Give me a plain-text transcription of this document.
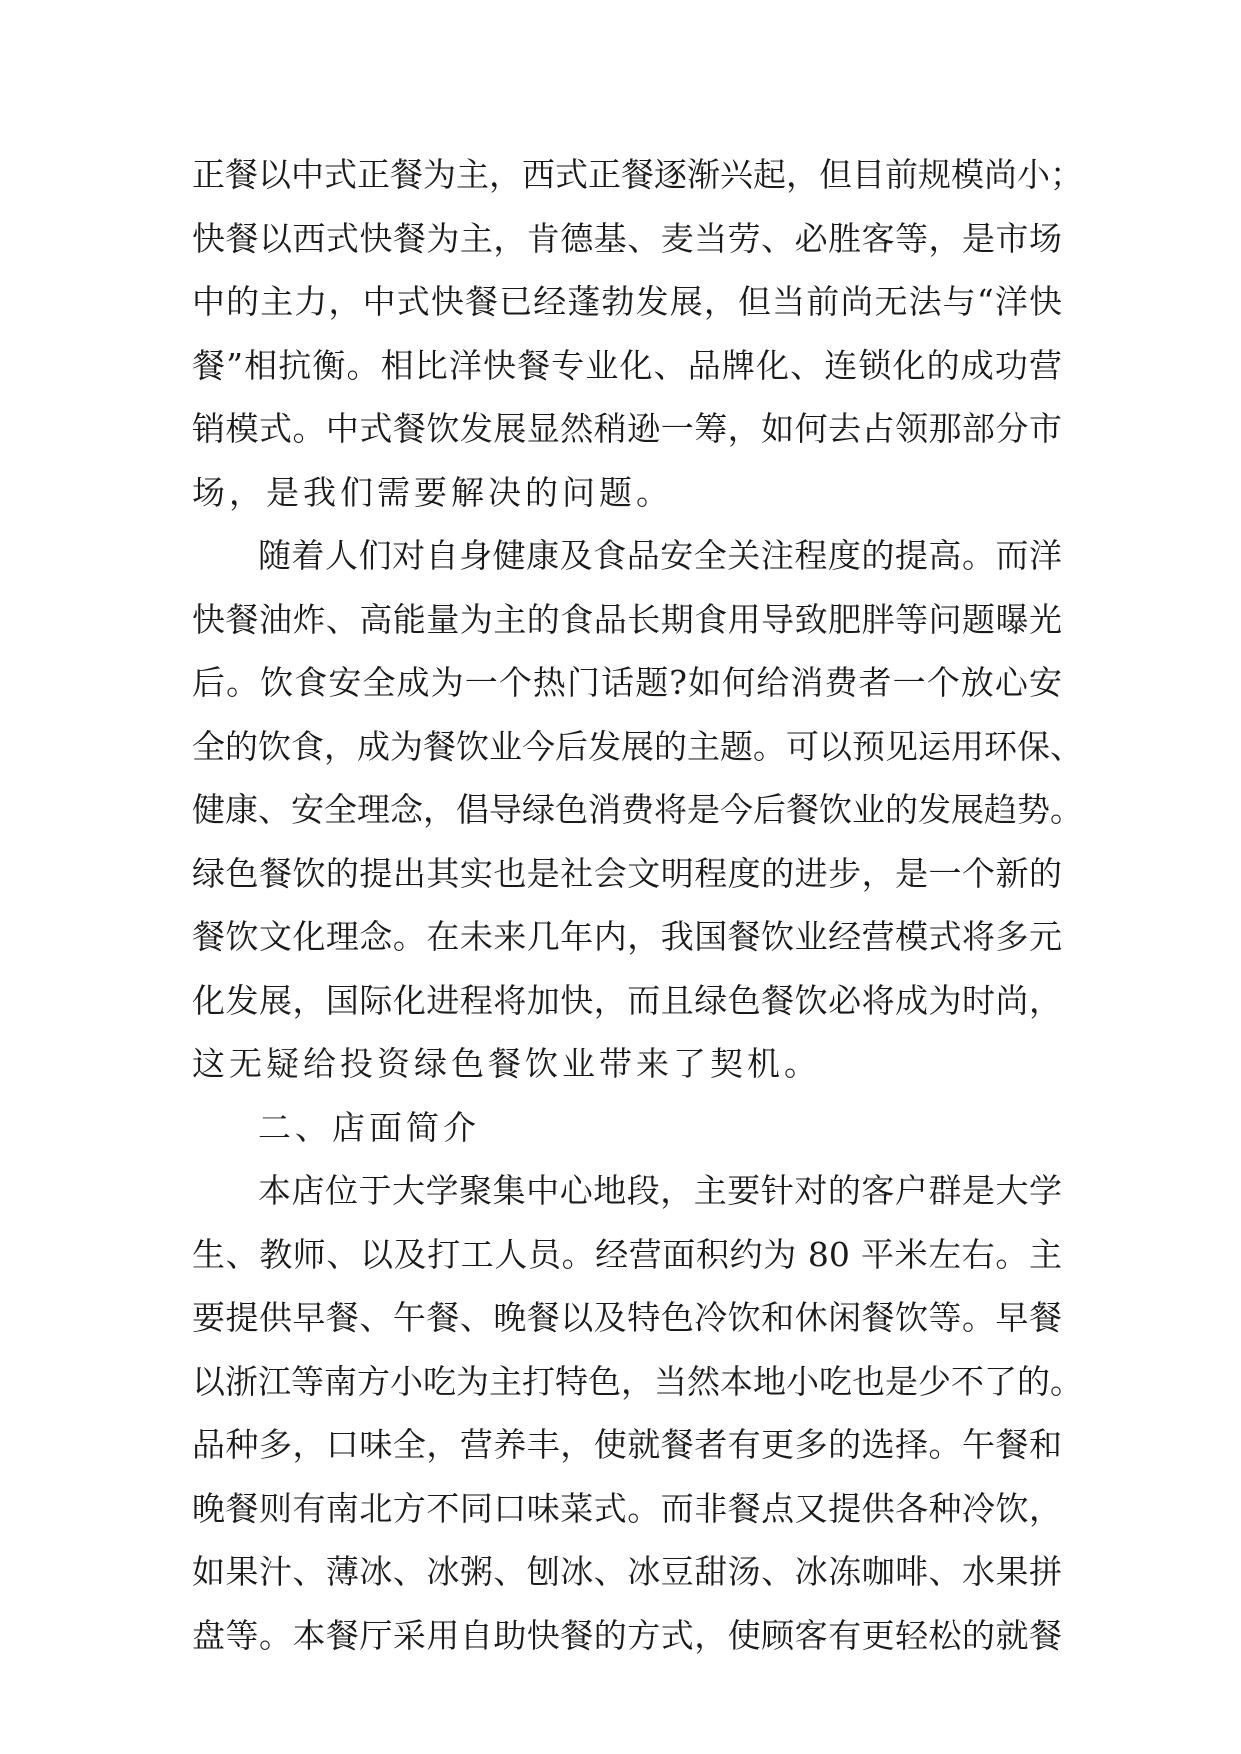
正餐以中式正餐为主，西式正餐逐渐兴起，但目前规模尚小；
快餐以西式快餐为主，肯德基、麦当劳、必胜客等，是市场
中的主力，中式快餐已经蓬勃发展，但当前尚无法与“洋快
餐”相抗衡。相比洋快餐专业化、品牌化、连锁化的成功营
销模式。中式餐饮发展显然稍逊一筹，如何去占领那部分市
场，是我们需要解决的问题。
随着人们对自身健康及食品安全关注程度的提高。而洋
快餐油炸、高能量为主的食品长期食用导致肥胖等问题曝光
后。饮食安全成为一个热门话题?如何给消费者一个放心安
全的饮食，成为餐饮业今后发展的主题。可以预见运用环保、
健康、安全理念，倡导绿色消费将是今后餐饮业的发展趋势。
绿色餐饮的提出其实也是社会文明程度的进步，是一个新的
餐饮文化理念。在未来几年内，我国餐饮业经营模式将多元
化发展，国际化进程将加快，而且绿色餐饮必将成为时尚，
这无疑给投资绿色餐饮业带来了契机。
二、店面简介
本店位于大学聚集中心地段，主要针对的客户群是大学
生、教师、以及打工人员。经营面积约为 80 平米左右。主
要提供早餐、午餐、晚餐以及特色冷饮和休闲餐饮等。早餐
以浙江等南方小吃为主打特色，当然本地小吃也是少不了的。
品种多，口味全，营养丰，使就餐者有更多的选择。午餐和
晚餐则有南北方不同口味菜式。而非餐点又提供各种冷饮，
如果汁、薄冰、冰粥、刨冰、冰豆甜汤、冰冻咖啡、水果拼
盘等。本餐厅采用自助快餐的方式，使顾客有更轻松的就餐
